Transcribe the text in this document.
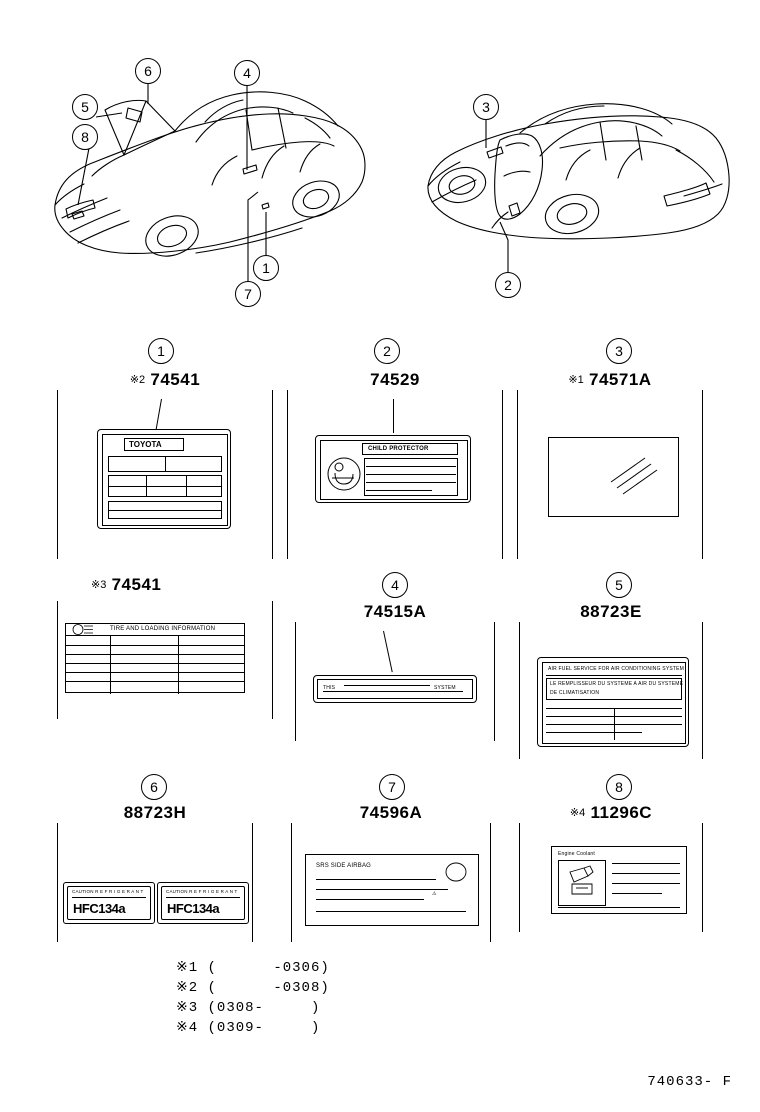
6	4
5
8
3
1
7
2
1
※2 74541
TOYOTA
2
74529
CHILD PROTECTOR
3
※1 74571A
※3 74541
TIRE AND LOADING INFORMATION
4
74515A
THIS	SYSTEM
5
88723E
AIR FUEL SERVICE FOR AIR CONDITIONING SYSTEM
LE REMPLISSEUR DU SYSTEME A AIR DU SYSTEME
DE CLIMATISATION
6
88723H
CAUTION R E F R I G E R A N T
HFC134a
CAUTION R E F R I G E R A N T
HFC134a
7
74596A
SRS SIDE AIRBAG
⚠
8
※4 11296C
Engine Coolant
※1 (      -0306)
※2 (      -0308)
※3 (0308-     )
※4 (0309-     )
740633- F
